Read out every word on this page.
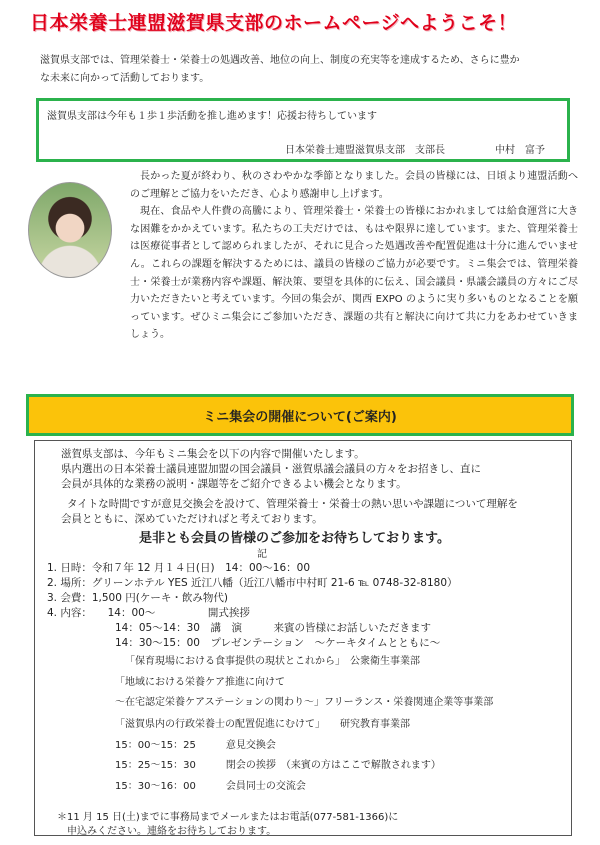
日本栄養士連盟滋賀県支部のホームページへようこそ！
滋賀県支部では、管理栄養士・栄養士の処遇改善、地位の向上、制度の充実等を達成するため、さらに豊か
な未来に向かって活動しております。
滋賀県支部は今年も１歩１歩活動を推し進めます！応援お待ちしています
日本栄養士連盟滋賀県支部　支部長　　　　　中村　富予

長かった夏が終わり、秋のさわやかな季節となりました。会員の皆様には、日頃より連盟活動へのご理解とご協力をいただき、心より感謝申し上げます。

現在、食品や人件費の高騰により、管理栄養士・栄養士の皆様におかれましては給食運営に大きな困難をかかえています。私たちの工夫だけでは、もはや限界に達しています。また、管理栄養士は医療従事者として認められましたが、それに見合った処遇改善や配置促進は十分に進んでいません。これらの課題を解決するためには、議員の皆様のご協力が必要です。ミニ集会では、管理栄養士・栄養士が業務内容や課題、解決策、要望を具体的に伝え、国会議員・県議会議員の方々にご尽力いただきたいと考えています。今回の集会が、関西 EXPO のように実り多いものとなることを願っています。ぜひミニ集会にご参加いただき、課題の共有と解決に向けて共に力をあわせていきましょう。

ミニ集会の開催について(ご案内)
滋賀県支部は、今年もミニ集会を以下の内容で開催いたします。
県内選出の日本栄養士議員連盟加盟の国会議員・滋賀県議会議員の方々をお招きし、直に
会員が具体的な業務の説明・課題等をご紹介できるよい機会となります。
タイトな時間ですが意見交換会を設けて、管理栄養士・栄養士の熱い思いや課題について理解を
会員とともに、深めていただければと考えております。
是非とも会員の皆様のご参加をお待ちしております。
記
1. 日時：令和７年 12 月１４日(日)　14：00～16：00
2. 場所：グリーンホテル YES 近江八幡（近江八幡市中村町 21-6 ℡ 0748-32-8180）
3. 会費：1,500 円(ケーキ・飲み物代)
4. 内容：　　14：00～　　　　　開式挨拶
14：05～14：30　講　演　　　来賓の皆様にお話しいただきます
14：30～15：00　プレゼンテーション　～ケーキタイムとともに～
「保育現場における食事提供の現状とこれから」　公衆衛生事業部
「地域における栄養ケア推進に向けて
～在宅認定栄養ケアステーションの関わり～」フリーランス・栄養関連企業等事業部
「滋賀県内の行政栄養士の配置促進にむけて」　　研究教育事業部
15：00～15：25　　　意見交換会
15：25～15：30　　　閉会の挨拶　（来賓の方はここで解散されます）
15：30～16：00　　　会員同士の交流会
＊11 月 15 日(土)までに事務局までメールまたはお電話(077-581-1366)に
申込みください。連絡をお待ちしております。
